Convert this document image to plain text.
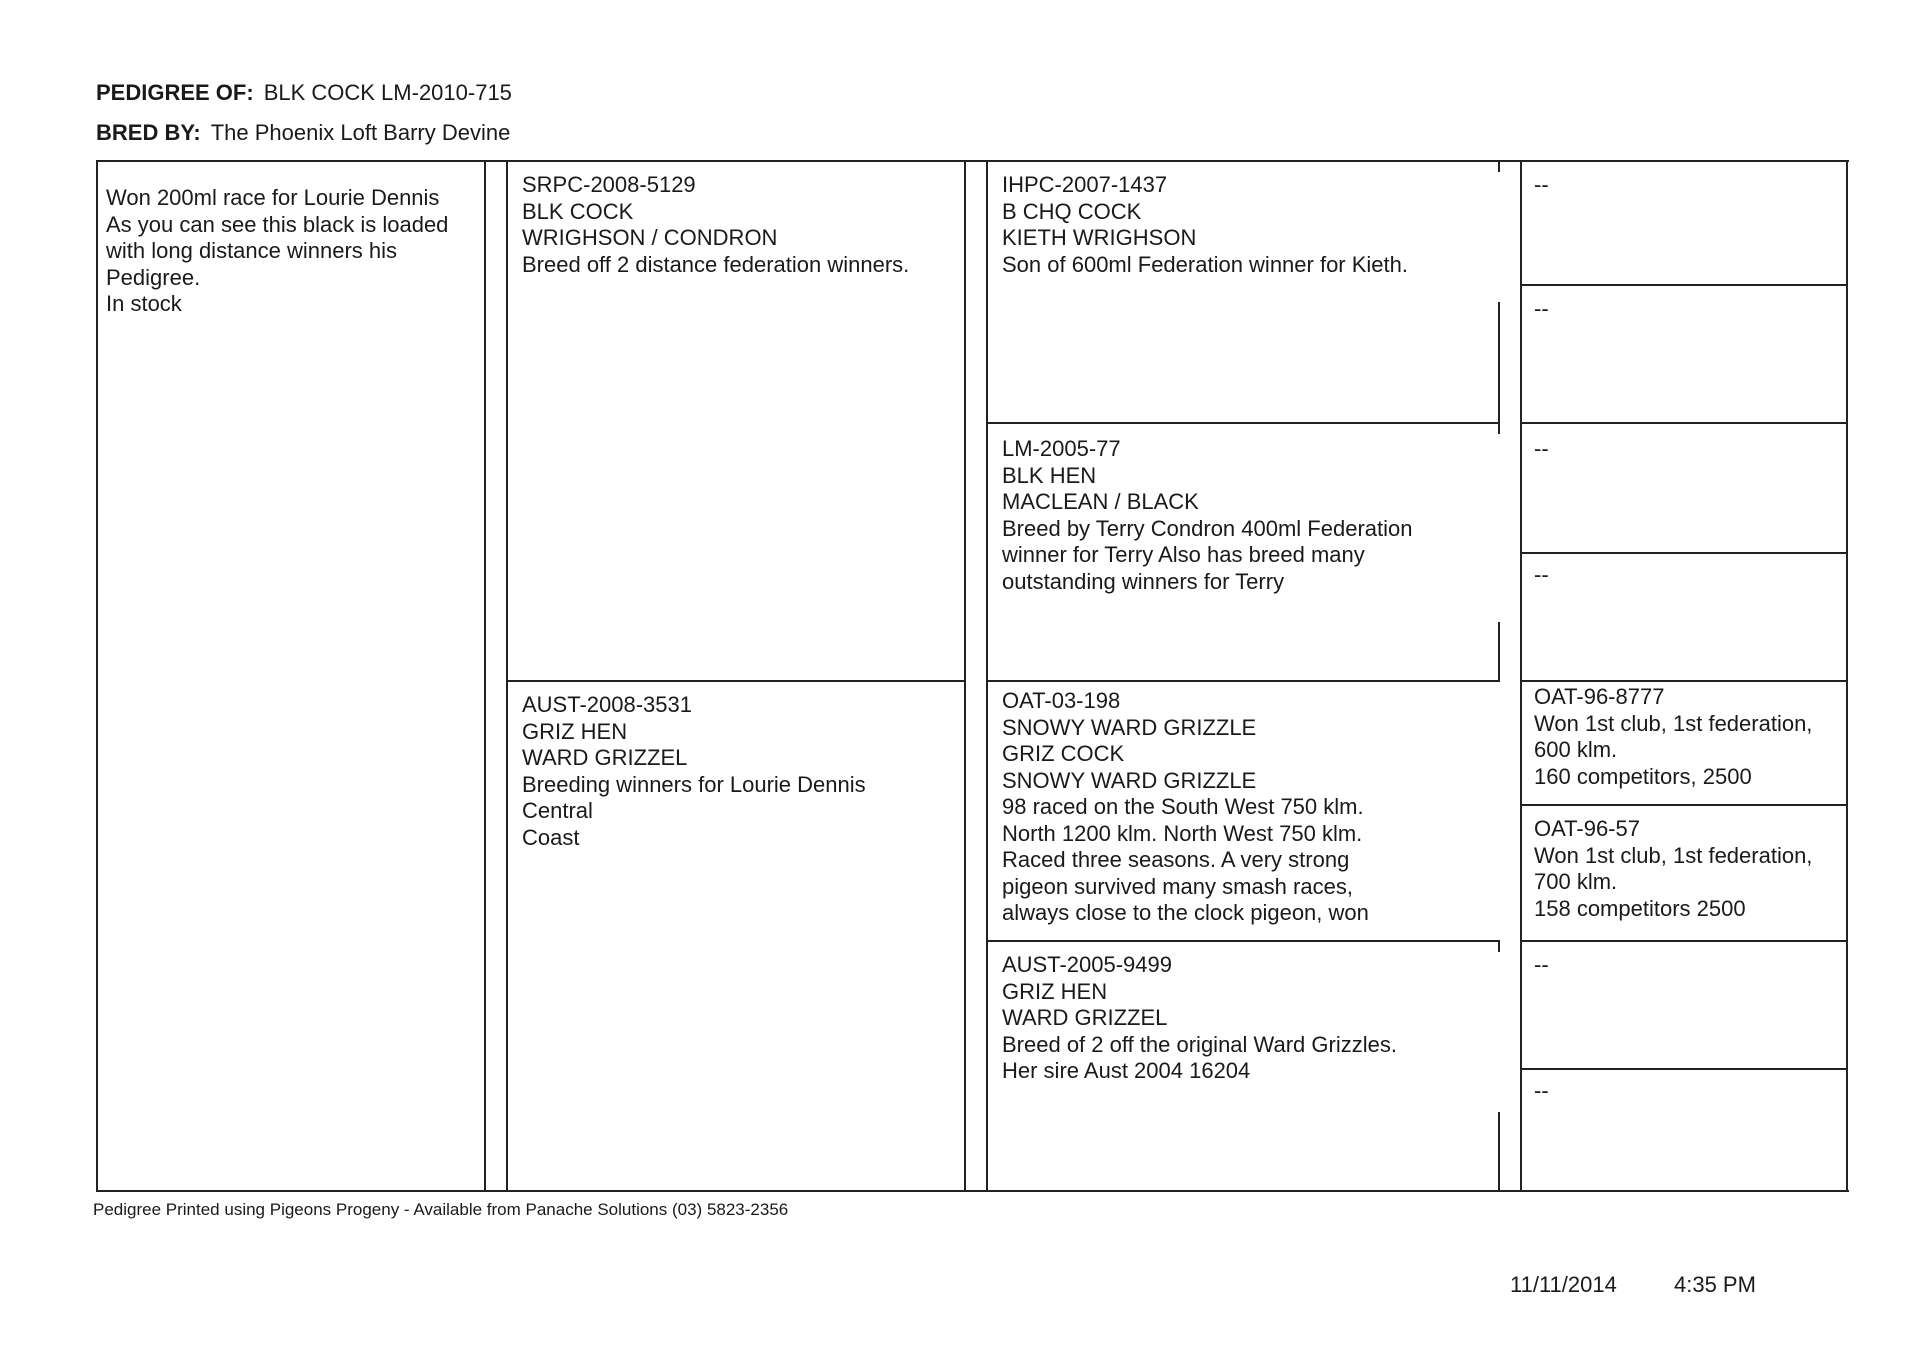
PEDIGREE OF: BLK COCK LM-2010-715
BRED BY: The Phoenix Loft Barry Devine
Won 200ml race for Lourie Dennis
As you can see this black is loaded
with long distance winners his
Pedigree.
In stock
SRPC-2008-5129
BLK COCK
WRIGHSON / CONDRON
Breed off 2 distance federation winners.
AUST-2008-3531
GRIZ HEN
WARD GRIZZEL
Breeding winners for Lourie Dennis
Central
Coast
IHPC-2007-1437
B CHQ COCK
KIETH WRIGHSON
Son of 600ml Federation winner for Kieth.
LM-2005-77
BLK HEN
MACLEAN / BLACK
Breed by Terry Condron 400ml Federation
winner for Terry Also has breed many
outstanding winners for Terry
OAT-03-198
SNOWY WARD GRIZZLE
GRIZ COCK
SNOWY WARD GRIZZLE
98 raced on the South West 750 klm.
North 1200 klm. North West 750 klm.
Raced three seasons. A very strong
pigeon survived many smash races,
always close to the clock pigeon, won
AUST-2005-9499
GRIZ HEN
WARD GRIZZEL
Breed of 2 off the original Ward Grizzles.
Her sire Aust 2004 16204
--
--
--
--
OAT-96-8777
Won 1st club, 1st federation,
600 klm.
160 competitors, 2500
OAT-96-57
Won 1st club, 1st federation,
700 klm.
158 competitors 2500
--
--
Pedigree Printed using Pigeons Progeny - Available from Panache Solutions (03) 5823-2356
11/11/2014	4:35 PM
